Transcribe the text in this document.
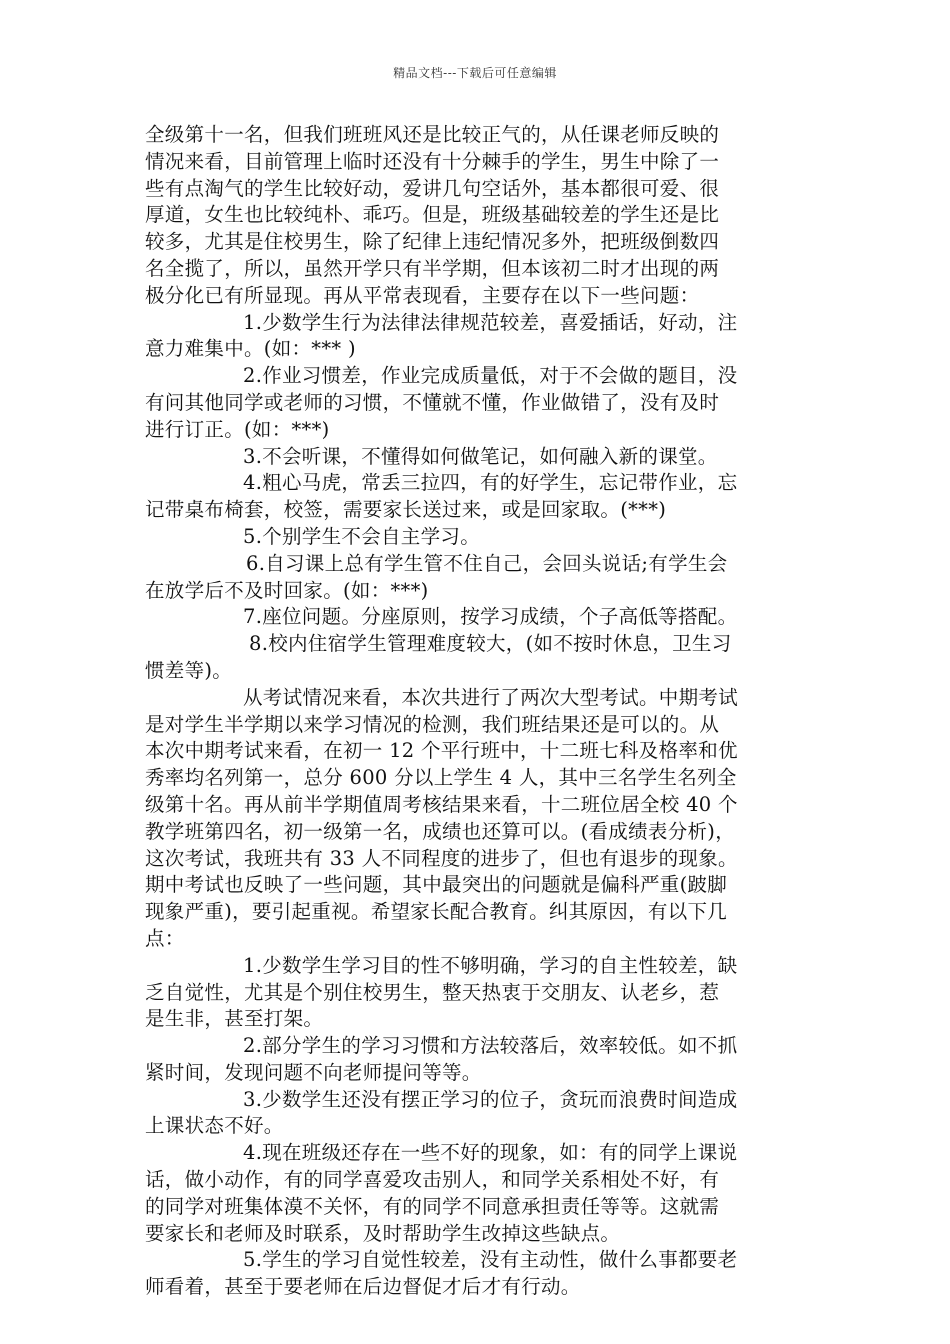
精品文档---下载后可任意编辑
全级第十一名，但我们班班风还是比较正气的，从任课老师反映的
情况来看，目前管理上临时还没有十分棘手的学生，男生中除了一
些有点淘气的学生比较好动，爱讲几句空话外，基本都很可爱、很
厚道，女生也比较纯朴、乖巧。但是，班级基础较差的学生还是比
较多，尤其是住校男生，除了纪律上违纪情况多外，把班级倒数四
名全揽了，所以，虽然开学只有半学期，但本该初二时才出现的两
极分化已有所显现。再从平常表现看，主要存在以下一些问题：
1.少数学生行为法律法律规范较差，喜爱插话，好动，注
意力难集中。(如：*** )
2.作业习惯差，作业完成质量低，对于不会做的题目，没
有问其他同学或老师的习惯，不懂就不懂，作业做错了，没有及时
进行订正。(如：***)
3.不会听课，不懂得如何做笔记，如何融入新的课堂。
4.粗心马虎，常丢三拉四，有的好学生，忘记带作业，忘
记带桌布椅套，校签，需要家长送过来，或是回家取。(***)
5.个别学生不会自主学习。
6.自习课上总有学生管不住自己，会回头说话;有学生会
在放学后不及时回家。(如：***)
7.座位问题。分座原则，按学习成绩，个子高低等搭配。
8.校内住宿学生管理难度较大，(如不按时休息，卫生习
惯差等)。
从考试情况来看，本次共进行了两次大型考试。中期考试
是对学生半学期以来学习情况的检测，我们班结果还是可以的。从
本次中期考试来看，在初一 12 个平行班中，十二班七科及格率和优
秀率均名列第一，总分 600 分以上学生 4 人，其中三名学生名列全
级第十名。再从前半学期值周考核结果来看，十二班位居全校 40 个
教学班第四名，初一级第一名，成绩也还算可以。(看成绩表分析)，
这次考试，我班共有 33 人不同程度的进步了，但也有退步的现象。
期中考试也反映了一些问题，其中最突出的问题就是偏科严重(跛脚
现象严重)，要引起重视。希望家长配合教育。纠其原因，有以下几
点：
1.少数学生学习目的性不够明确，学习的自主性较差，缺
乏自觉性，尤其是个别住校男生，整天热衷于交朋友、认老乡，惹
是生非，甚至打架。
2.部分学生的学习习惯和方法较落后，效率较低。如不抓
紧时间，发现问题不向老师提问等等。
3.少数学生还没有摆正学习的位子，贪玩而浪费时间造成
上课状态不好。
4.现在班级还存在一些不好的现象，如：有的同学上课说
话，做小动作，有的同学喜爱攻击别人，和同学关系相处不好，有
的同学对班集体漠不关怀，有的同学不同意承担责任等等。这就需
要家长和老师及时联系，及时帮助学生改掉这些缺点。
5.学生的学习自觉性较差，没有主动性，做什么事都要老
师看着，甚至于要老师在后边督促才后才有行动。
